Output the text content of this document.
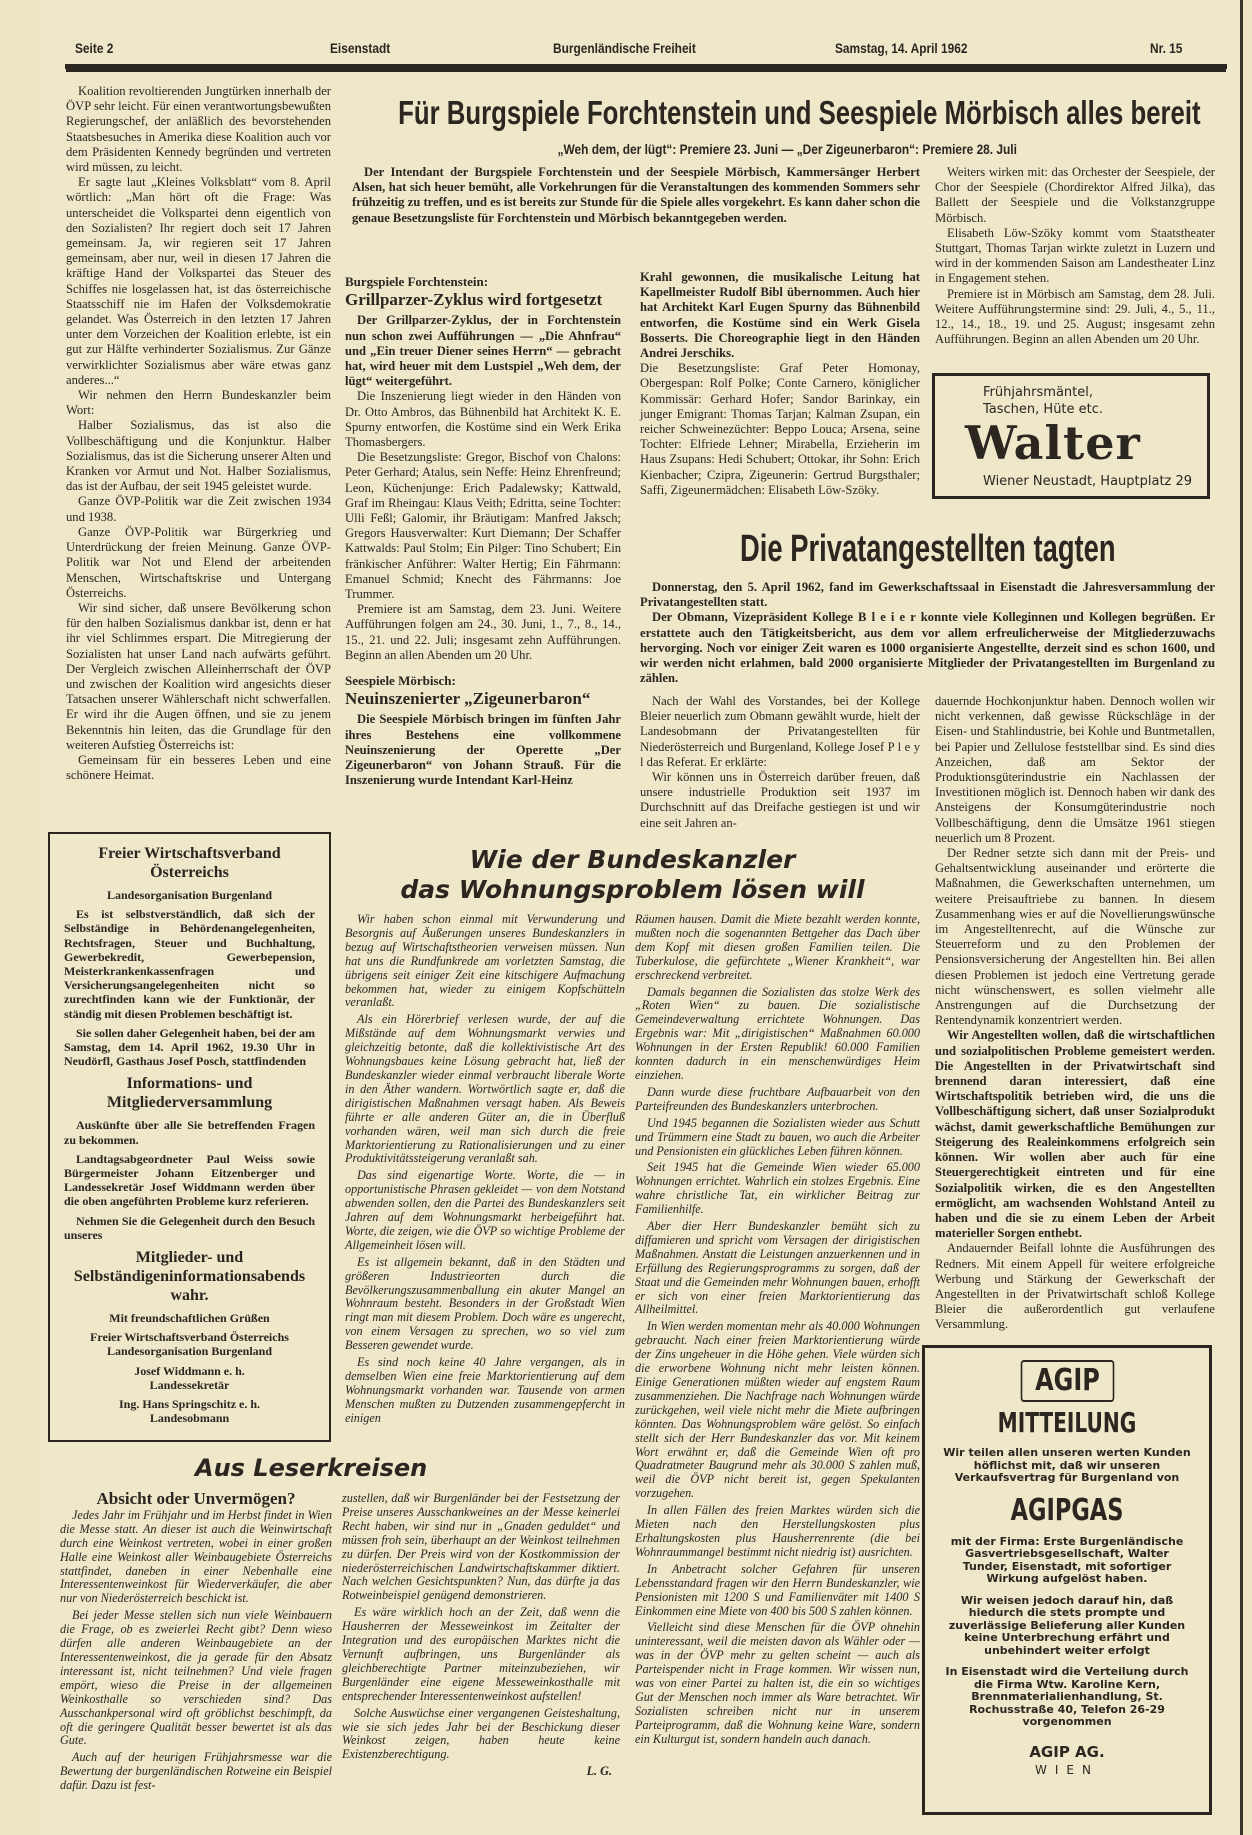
Seite 2	Eisenstadt	Burgenländische Freiheit	Samstag, 14. April 1962	Nr. 15

Koalition revoltierenden Jungtürken innerhalb der ÖVP sehr leicht. Für einen verantwortungsbewußten Regierungschef, der anläßlich des bevorstehenden Staatsbesuches in Amerika diese Koalition auch vor dem Präsidenten Kennedy begründen und vertreten wird müssen, zu leicht.

Er sagte laut „Kleines Volksblatt“ vom 8. April wörtlich: „Man hört oft die Frage: Was unterscheidet die Volkspartei denn eigentlich von den Sozialisten? Ihr regiert doch seit 17 Jahren gemeinsam. Ja, wir regieren seit 17 Jahren gemeinsam, aber nur, weil in diesen 17 Jahren die kräftige Hand der Volkspartei das Steuer des Schiffes nie losgelassen hat, ist das österreichische Staatsschiff nie im Hafen der Volksdemokratie gelandet. Was Österreich in den letzten 17 Jahren unter dem Vorzeichen der Koalition erlebte, ist ein gut zur Hälfte verhinderter Sozialismus. Zur Gänze verwirklichter Sozialismus aber wäre etwas ganz anderes...“

Wir nehmen den Herrn Bundeskanzler beim Wort:

Halber Sozialismus, das ist also die Vollbeschäftigung und die Konjunktur. Halber Sozialismus, das ist die Sicherung unserer Alten und Kranken vor Armut und Not. Halber Sozialismus, das ist der Aufbau, der seit 1945 geleistet wurde.

Ganze ÖVP-Politik war die Zeit zwischen 1934 und 1938.

Ganze ÖVP-Politik war Bürgerkrieg und Unterdrückung der freien Meinung. Ganze ÖVP-Politik war Not und Elend der arbeitenden Menschen, Wirtschaftskrise und Untergang Österreichs.

Wir sind sicher, daß unsere Bevölkerung schon für den halben Sozialismus dankbar ist, denn er hat ihr viel Schlimmes erspart. Die Mitregierung der Sozialisten hat unser Land nach aufwärts geführt. Der Vergleich zwischen Alleinherrschaft der ÖVP und zwischen der Koalition wird angesichts dieser Tatsachen unserer Wählerschaft nicht schwerfallen. Er wird ihr die Augen öffnen, und sie zu jenem Bekenntnis hin leiten, das die Grundlage für den weiteren Aufstieg Österreichs ist:

Gemeinsam für ein besseres Leben und eine schönere Heimat.

Für Burgspiele Forchtenstein und Seespiele Mörbisch alles bereit
„Weh dem, der lügt“: Premiere 23. Juni — „Der Zigeunerbaron“: Premiere 28. Juli

Der Intendant der Burgspiele Forchtenstein und der Seespiele Mörbisch, Kammersänger Herbert Alsen, hat sich heuer bemüht, alle Vorkehrungen für die Veranstaltungen des kommenden Sommers sehr frühzeitig zu treffen, und es ist bereits zur Stunde für die Spiele alles vorgekehrt. Es kann daher schon die genaue Besetzungsliste für Forchtenstein und Mörbisch bekanntgegeben werden.

Burgspiele Forchtenstein:
Grillparzer-Zyklus wird fortgesetzt

Der Grillparzer-Zyklus, der in Forchtenstein nun schon zwei Aufführungen — „Die Ahnfrau“ und „Ein treuer Diener seines Herrn“ — gebracht hat, wird heuer mit dem Lustspiel „Weh dem, der lügt“ weitergeführt.

Die Inszenierung liegt wieder in den Händen von Dr. Otto Ambros, das Bühnenbild hat Architekt K. E. Spurny entworfen, die Kostüme sind ein Werk Erika Thomasbergers.

Die Besetzungsliste: Gregor, Bischof von Chalons: Peter Gerhard; Atalus, sein Neffe: Heinz Ehrenfreund; Leon, Küchenjunge: Erich Padalewsky; Kattwald, Graf im Rheingau: Klaus Veith; Edritta, seine Tochter: Ulli Feßl; Galomir, ihr Bräutigam: Manfred Jaksch; Gregors Hausverwalter: Kurt Diemann; Der Schaffer Kattwalds: Paul Stolm; Ein Pilger: Tino Schubert; Ein fränkischer Anführer: Walter Hertig; Ein Fährmann: Emanuel Schmid; Knecht des Fährmanns: Joe Trummer.

Premiere ist am Samstag, dem 23. Juni. Weitere Aufführungen folgen am 24., 30. Juni, 1., 7., 8., 14., 15., 21. und 22. Juli; insgesamt zehn Aufführungen. Beginn an allen Abenden um 20 Uhr.

Seespiele Mörbisch:
Neuinszenierter „Zigeunerbaron“

Die Seespiele Mörbisch bringen im fünften Jahr ihres Bestehens eine vollkommene Neuinszenierung der Operette „Der Zigeunerbaron“ von Johann Strauß. Für die Inszenierung wurde Intendant Karl-Heinz

Krahl gewonnen, die musikalische Leitung hat Kapellmeister Rudolf Bibl übernommen. Auch hier hat Architekt Karl Eugen Spurny das Bühnenbild entworfen, die Kostüme sind ein Werk Gisela Bosserts. Die Choreographie liegt in den Händen Andrei Jerschiks.

Die Besetzungsliste: Graf Peter Homonay, Obergespan: Rolf Polke; Conte Carnero, königlicher Kommissär: Gerhard Hofer; Sandor Barinkay, ein junger Emigrant: Thomas Tarjan; Kalman Zsupan, ein reicher Schweinezüchter: Beppo Louca; Arsena, seine Tochter: Elfriede Lehner; Mirabella, Erzieherin im Haus Zsupans: Hedi Schubert; Ottokar, ihr Sohn: Erich Kienbacher; Czipra, Zigeunerin: Gertrud Burgsthaler; Saffi, Zigeunermädchen: Elisabeth Löw-Szöky.

Weiters wirken mit: das Orchester der Seespiele, der Chor der Seespiele (Chordirektor Alfred Jilka), das Ballett der Seespiele und die Volkstanzgruppe Mörbisch.

Elisabeth Löw-Szöky kommt vom Staatstheater Stuttgart, Thomas Tarjan wirkte zuletzt in Luzern und wird in der kommenden Saison am Landestheater Linz in Engagement stehen.

Premiere ist in Mörbisch am Samstag, dem 28. Juli. Weitere Aufführungstermine sind: 29. Juli, 4., 5., 11., 12., 14., 18., 19. und 25. August; insgesamt zehn Aufführungen. Beginn an allen Abenden um 20 Uhr.

Frühjahrsmäntel,
Taschen, Hüte etc.
Walter
Wiener Neustadt, Hauptplatz 29
Die Privatangestellten tagten

Donnerstag, den 5. April 1962, fand im Gewerkschaftssaal in Eisenstadt die Jahresversammlung der Privatangestellten statt.

Der Obmann, Vizepräsident Kollege B l e i e r konnte viele Kolleginnen und Kollegen begrüßen. Er erstattete auch den Tätigkeitsbericht, aus dem vor allem erfreulicherweise der Mitgliederzuwachs hervorging. Noch vor einiger Zeit waren es 1000 organisierte Angestellte, derzeit sind es schon 1600, und wir werden nicht erlahmen, bald 2000 organisierte Mitglieder der Privatangestellten im Burgenland zu zählen.

Nach der Wahl des Vorstandes, bei der Kollege Bleier neuerlich zum Obmann gewählt wurde, hielt der Landesobmann der Privatangestellten für Niederösterreich und Burgenland, Kollege Josef P l e y l das Referat. Er erklärte:

Wir können uns in Österreich darüber freuen, daß unsere industrielle Produktion seit 1937 im Durchschnitt auf das Dreifache gestiegen ist und wir eine seit Jahren an-

dauernde Hochkonjunktur haben. Dennoch wollen wir nicht verkennen, daß gewisse Rückschläge in der Eisen- und Stahlindustrie, bei Kohle und Buntmetallen, bei Papier und Zellulose feststellbar sind. Es sind dies Anzeichen, daß am Sektor der Produktionsgüterindustrie ein Nachlassen der Investitionen möglich ist. Dennoch haben wir dank des Ansteigens der Konsumgüterindustrie noch Vollbeschäftigung, denn die Umsätze 1961 stiegen neuerlich um 8 Prozent.

Der Redner setzte sich dann mit der Preis- und Gehaltsentwicklung auseinander und erörterte die Maßnahmen, die Gewerkschaften unternehmen, um weitere Preisauftriebe zu bannen. In diesem Zusammenhang wies er auf die Novellierungswünsche im Angestelltenrecht, auf die Wünsche zur Steuerreform und zu den Problemen der Pensionsversicherung der Angestellten hin. Bei allen diesen Problemen ist jedoch eine Vertretung gerade nicht wünschenswert, es sollen vielmehr alle Anstrengungen auf die Durchsetzung der Rentendynamik konzentriert werden.

Wir Angestellten wollen, daß die wirtschaftlichen und sozialpolitischen Probleme gemeistert werden. Die Angestellten in der Privatwirtschaft sind brennend daran interessiert, daß eine Wirtschaftspolitik betrieben wird, die uns die Vollbeschäftigung sichert, daß unser Sozialprodukt wächst, damit gewerkschaftliche Bemühungen zur Steigerung des Realeinkommens erfolgreich sein können. Wir wollen aber auch für eine Steuergerechtigkeit eintreten und für eine Sozialpolitik wirken, die es den Angestellten ermöglicht, am wachsenden Wohlstand Anteil zu haben und die sie zu einem Leben der Arbeit materieller Sorgen enthebt.

Andauernder Beifall lohnte die Ausführungen des Redners. Mit einem Appell für weitere erfolgreiche Werbung und Stärkung der Gewerkschaft der Angestellten in der Privatwirtschaft schloß Kollege Bleier die außerordentlich gut verlaufene Versammlung.

Freier Wirtschaftsverband Österreichs

Landesorganisation Burgenland

Es ist selbstverständlich, daß sich der Selbständige in Behördenangelegenheiten, Rechtsfragen, Steuer und Buchhaltung, Gewerbekredit, Gewerbepension, Meisterkrankenkassenfragen und Versicherungsangelegenheiten nicht so zurechtfinden kann wie der Funktionär, der ständig mit diesen Problemen beschäftigt ist.

Sie sollen daher Gelegenheit haben, bei der am Samstag, dem 14. April 1962, 19.30 Uhr in Neudörfl, Gasthaus Josef Posch, stattfindenden

Informations- und Mitgliederversammlung

Auskünfte über alle Sie betreffenden Fragen zu bekommen.

Landtagsabgeordneter Paul Weiss sowie Bürgermeister Johann Eitzenberger und Landessekretär Josef Widdmann werden über die oben angeführten Probleme kurz referieren.

Nehmen Sie die Gelegenheit durch den Besuch unseres

Mitglieder- und Selbständigeninformationsabends wahr.

Mit freundschaftlichen Grüßen

Freier Wirtschaftsverband Österreichs Landesorganisation Burgenland

Josef Widdmann e. h.

Landessekretär

Ing. Hans Springschitz e. h.

Landesobmann

Wie der Bundeskanzler
das Wohnungsproblem lösen will

Wir haben schon einmal mit Verwunderung und Besorgnis auf Äußerungen unseres Bundeskanzlers in bezug auf Wirtschaftstheorien verweisen müssen. Nun hat uns die Rundfunkrede am vorletzten Samstag, die übrigens seit einiger Zeit eine kitschigere Aufmachung bekommen hat, wieder zu einigem Kopfschütteln veranlaßt.

Als ein Hörerbrief verlesen wurde, der auf die Mißstände auf dem Wohnungsmarkt verwies und gleichzeitig betonte, daß die kollektivistische Art des Wohnungsbaues keine Lösung gebracht hat, ließ der Bundeskanzler wieder einmal verbraucht liberale Worte in den Äther wandern. Wortwörtlich sagte er, daß die dirigistischen Maßnahmen versagt haben. Als Beweis führte er alle anderen Güter an, die in Überfluß vorhanden wären, weil man sich durch die freie Marktorientierung zu Rationalisierungen und zu einer Produktivitätssteigerung veranlaßt sah.

Das sind eigenartige Worte. Worte, die — in opportunistische Phrasen gekleidet — von dem Notstand abwenden sollen, den die Partei des Bundeskanzlers seit Jahren auf dem Wohnungsmarkt herbeigeführt hat. Worte, die zeigen, wie die ÖVP so wichtige Probleme der Allgemeinheit lösen will.

Es ist allgemein bekannt, daß in den Städten und größeren Industrieorten durch die Bevölkerungszusammenballung ein akuter Mangel an Wohnraum besteht. Besonders in der Großstadt Wien ringt man mit diesem Problem. Doch wäre es ungerecht, von einem Versagen zu sprechen, wo so viel zum Besseren gewendet wurde.

Es sind noch keine 40 Jahre vergangen, als in demselben Wien eine freie Marktorientierung auf dem Wohnungsmarkt vorhanden war. Tausende von armen Menschen mußten zu Dutzenden zusammengepfercht in einigen

Räumen hausen. Damit die Miete bezahlt werden konnte, mußten noch die sogenannten Bettgeher das Dach über dem Kopf mit diesen großen Familien teilen. Die Tuberkulose, die gefürchtete „Wiener Krankheit“, war erschreckend verbreitet.

Damals begannen die Sozialisten das stolze Werk des „Roten Wien“ zu bauen. Die sozialistische Gemeindeverwaltung errichtete Wohnungen. Das Ergebnis war: Mit „dirigistischen“ Maßnahmen 60.000 Wohnungen in der Ersten Republik! 60.000 Familien konnten dadurch in ein menschenwürdiges Heim einziehen.

Dann wurde diese fruchtbare Aufbauarbeit von den Parteifreunden des Bundeskanzlers unterbrochen.

Und 1945 begannen die Sozialisten wieder aus Schutt und Trümmern eine Stadt zu bauen, wo auch die Arbeiter und Pensionisten ein glückliches Leben führen können.

Seit 1945 hat die Gemeinde Wien wieder 65.000 Wohnungen errichtet. Wahrlich ein stolzes Ergebnis. Eine wahre christliche Tat, ein wirklicher Beitrag zur Familienhilfe.

Aber dier Herr Bundeskanzler bemüht sich zu diffamieren und spricht vom Versagen der dirigistischen Maßnahmen. Anstatt die Leistungen anzuerkennen und in Erfüllung des Regierungsprogramms zu sorgen, daß der Staat und die Gemeinden mehr Wohnungen bauen, erhofft er sich von einer freien Marktorientierung das Allheilmittel.

In Wien werden momentan mehr als 40.000 Wohnungen gebraucht. Nach einer freien Marktorientierung würde der Zins ungeheuer in die Höhe gehen. Viele würden sich die erworbene Wohnung nicht mehr leisten können. Einige Generationen müßten wieder auf engstem Raum zusammenziehen. Die Nachfrage nach Wohnungen würde zurückgehen, weil viele nicht mehr die Miete aufbringen könnten. Das Wohnungsproblem wäre gelöst. So einfach stellt sich der Herr Bundeskanzler das vor. Mit keinem Wort erwähnt er, daß die Gemeinde Wien oft pro Quadratmeter Baugrund mehr als 30.000 S zahlen muß, weil die ÖVP nicht bereit ist, gegen Spekulanten vorzugehen.

In allen Fällen des freien Marktes würden sich die Mieten nach den Herstellungskosten plus Erhaltungskosten plus Hausherrenrente (die bei Wohnraummangel bestimmt nicht niedrig ist) ausrichten.

In Anbetracht solcher Gefahren für unseren Lebensstandard fragen wir den Herrn Bundeskanzler, wie Pensionisten mit 1200 S und Familienväter mit 1400 S Einkommen eine Miete von 400 bis 500 S zahlen können.

Vielleicht sind diese Menschen für die ÖVP ohnehin uninteressant, weil die meisten davon als Wähler oder — was in der ÖVP mehr zu gelten scheint — auch als Parteispender nicht in Frage kommen. Wir wissen nun, was von einer Partei zu halten ist, die ein so wichtiges Gut der Menschen noch immer als Ware betrachtet. Wir Sozialisten schreiben nicht nur in unserem Parteiprogramm, daß die Wohnung keine Ware, sondern ein Kulturgut ist, sondern handeln auch danach.

Aus Leserkreisen
Absicht oder Unvermögen?

Jedes Jahr im Frühjahr und im Herbst findet in Wien die Messe statt. An dieser ist auch die Weinwirtschaft durch eine Weinkost vertreten, wobei in einer großen Halle eine Weinkost aller Weinbaugebiete Österreichs stattfindet, daneben in einer Nebenhalle eine Interessentenweinkost für Wiederverkäufer, die aber nur von Niederösterreich beschickt ist.

Bei jeder Messe stellen sich nun viele Weinbauern die Frage, ob es zweierlei Recht gibt? Denn wieso dürfen alle anderen Weinbaugebiete an der Interessentenweinkost, die ja gerade für den Absatz interessant ist, nicht teilnehmen? Und viele fragen empört, wieso die Preise in der allgemeinen Weinkosthalle so verschieden sind? Das Ausschankpersonal wird oft gröblichst beschimpft, da oft die geringere Qualität besser bewertet ist als das Gute.

Auch auf der heurigen Frühjahrsmesse war die Bewertung der burgenländischen Rotweine ein Beispiel dafür. Dazu ist fest-

zustellen, daß wir Burgenländer bei der Festsetzung der Preise unseres Ausschankweines an der Messe keinerlei Recht haben, wir sind nur in „Gnaden geduldet“ und müssen froh sein, überhaupt an der Weinkost teilnehmen zu dürfen. Der Preis wird von der Kostkommission der niederösterreichischen Landwirtschaftskammer diktiert. Nach welchen Gesichtspunkten? Nun, das dürfte ja das Rotweinbeispiel genügend demonstrieren.

Es wäre wirklich hoch an der Zeit, daß wenn die Hausherren der Messeweinkost im Zeitalter der Integration und des europäischen Marktes nicht die Vernunft aufbringen, uns Burgenländer als gleichberechtigte Partner miteinzubeziehen, wir Burgenländer eine eigene Messeweinkosthalle mit entsprechender Interessentenweinkost aufstellen!

Solche Auswüchse einer vergangenen Geisteshaltung, wie sie sich jedes Jahr bei der Beschickung dieser Weinkost zeigen, haben heute keine Existenzberechtigung.

L. G.
AGIP
MITTEILUNG
Wir teilen allen unseren werten Kunden höflichst mit, daß wir unseren Verkaufsvertrag für Burgenland von
AGIPGAS
mit der Firma: Erste Burgenländische Gasvertriebsgesellschaft, Walter Tunder, Eisenstadt, mit sofortiger Wirkung aufgelöst haben.
Wir weisen jedoch darauf hin, daß hiedurch die stets prompte und zuverlässige Belieferung aller Kunden keine Unterbrechung erfährt und unbehindert weiter erfolgt
In Eisenstadt wird die Verteilung durch die Firma Wtw. Karoline Kern, Brennmaterialienhandlung, St. Rochusstraße 40, Telefon 26-29 vorgenommen
AGIP AG.
WIEN
